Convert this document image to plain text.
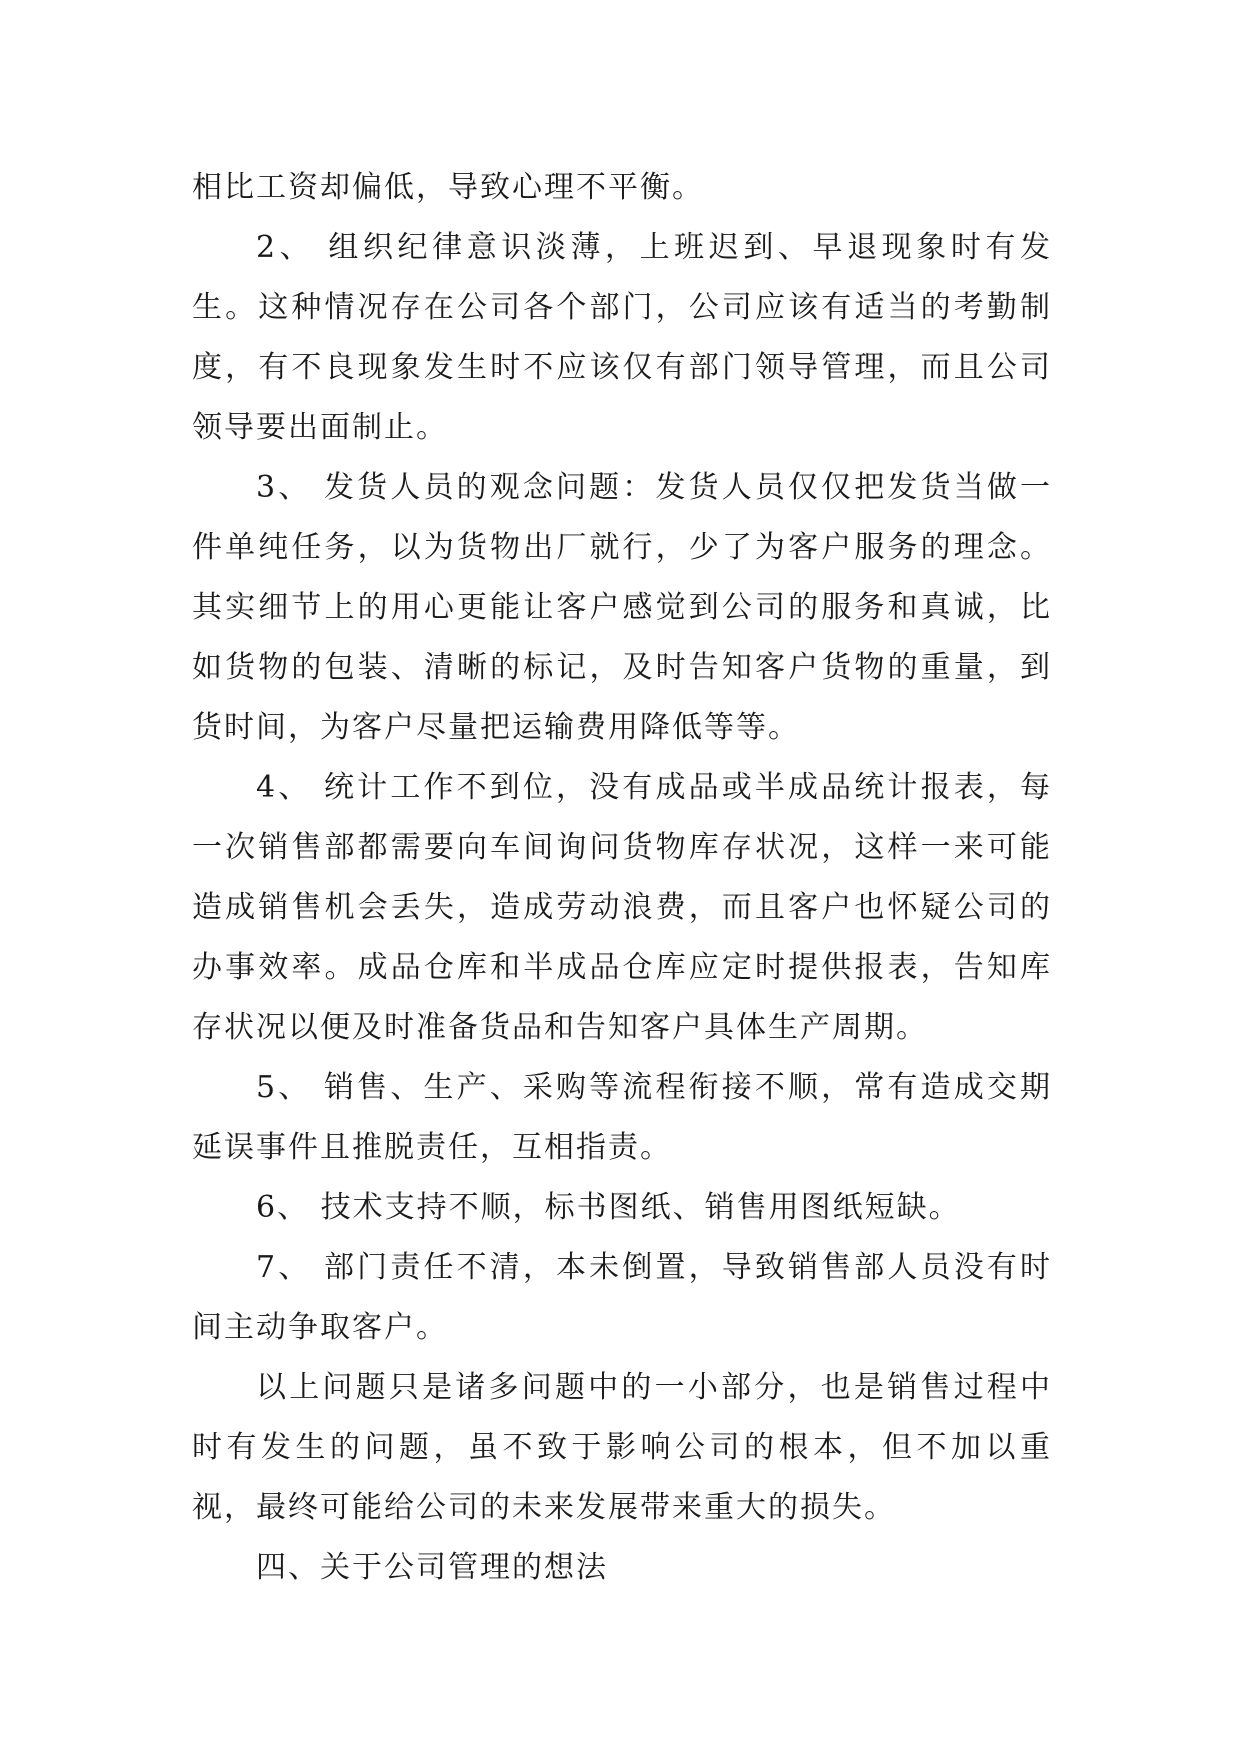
相比工资却偏低，导致心理不平衡。

2、 组织纪律意识淡薄，上班迟到、早退现象时有发生。这种情况存在公司各个部门，公司应该有适当的考勤制度，有不良现象发生时不应该仅有部门领导管理，而且公司领导要出面制止。

3、 发货人员的观念问题：发货人员仅仅把发货当做一件单纯任务，以为货物出厂就行，少了为客户服务的理念。其实细节上的用心更能让客户感觉到公司的服务和真诚，比如货物的包装、清晰的标记，及时告知客户货物的重量，到货时间，为客户尽量把运输费用降低等等。

4、 统计工作不到位，没有成品或半成品统计报表，每一次销售部都需要向车间询问货物库存状况，这样一来可能造成销售机会丢失，造成劳动浪费，而且客户也怀疑公司的办事效率。成品仓库和半成品仓库应定时提供报表，告知库存状况以便及时准备货品和告知客户具体生产周期。

5、 销售、生产、采购等流程衔接不顺，常有造成交期延误事件且推脱责任，互相指责。

6、 技术支持不顺，标书图纸、销售用图纸短缺。

7、 部门责任不清，本未倒置，导致销售部人员没有时间主动争取客户。

以上问题只是诸多问题中的一小部分，也是销售过程中时有发生的问题，虽不致于影响公司的根本，但不加以重视，最终可能给公司的未来发展带来重大的损失。

四、关于公司管理的想法
